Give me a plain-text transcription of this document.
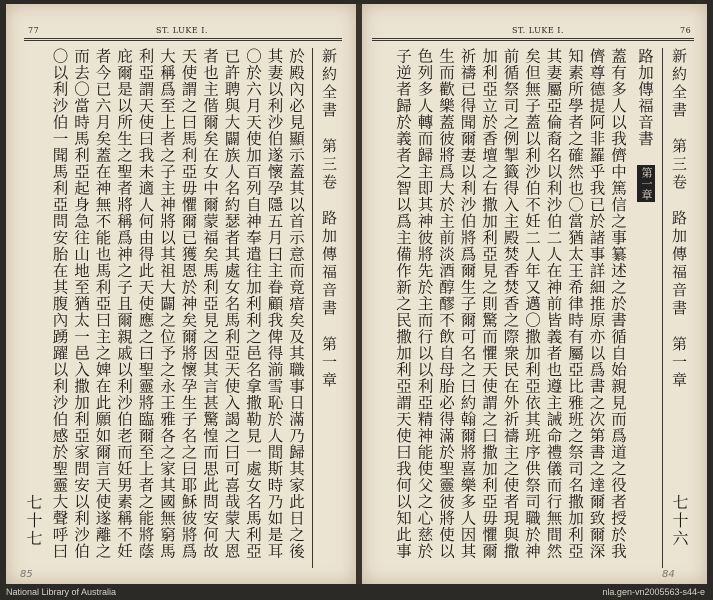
77	ST. LUKE I.
新約全書　第三卷　路加傳福音書　第一章
於殿內必見顯示蓋其以首示意而竟瘖矣及其職事日滿乃歸其家此日之後其妻以利沙伯遂懷孕隱五月曰主眷顧我俾得湔雪恥於人間斯時乃如是耳〇於六月天使加百列自神奉遣往加利利之邑名拿撒勒見一處女名馬利亞已許聘與大闢族人名約瑟者其處女名馬利亞天使入謁之曰可喜哉蒙大恩者也主偕爾矣在女中爾蒙福矣馬利亞見之因其言甚驚惶而思此問安何故天使謂之曰馬利亞毋懼爾已獲恩於神矣爾將懷孕生子名之曰耶穌彼將爲大稱爲至上者之子主神將以其祖大闢之位予之永王雅各之家其國無窮馬利亞謂天使曰我未適人何由得此天使應之曰聖靈將臨爾至上者之能將蔭庇爾是以所生之聖者將稱爲神之子且爾親戚以利沙伯老而妊男素稱不妊者今已六月矣蓋在神無不能也馬利亞曰主之婢在此願如爾言天使遂離之而去〇當時馬利亞起身急往山地至猶太一邑入撒加利亞家問安以利沙伯〇以利沙伯一聞馬利亞問安胎在其腹內踴躍以利沙伯感於聖靈大聲呼曰
七十七
85
ST. LUKE I.	76
新約全書　第三卷　路加傳福音書　第一章
路加傳福音書
第一章
蓋有多人以我儕中篤信之事纂述之於書循自始親見而爲道之役者授於我儕尊德提阿非羅乎我已於諸事詳細推原亦以爲書之次第書之達爾致爾深知素所學者之確然也〇當猶太王希律時有屬亞比雅班之祭司名撒加利亞其妻屬亞倫裔名以利沙伯二人在神前皆義者也遵主誡命禮儀而行無間然矣但無子蓋以利沙伯不妊二人年又邁〇撒加利亞依其班序供祭司職於神前循祭司之例掣籤得入主殿焚香焚香之際衆民在外祈禱主之使者現與撒加利亞立於香壇之右撒加利亞見之則驚而懼天使謂之曰撒加利亞毋懼爾祈禱已得聞爾妻以利沙伯將爲爾生子爾可名之曰約翰爾將喜樂多人因其生而歡樂蓋彼將爲大於主前淡酒醇醪不飲自母胎必得滿於聖靈彼將使以色列多人轉而歸主即其神彼將先於主而行以以利亞精神能使父之心慈於子逆者歸於義者之智以爲主備作新之民撒加利亞謂天使曰我何以知此事
七十六
84
National Library of Australia	nla.gen-vn2005563-s44-e
